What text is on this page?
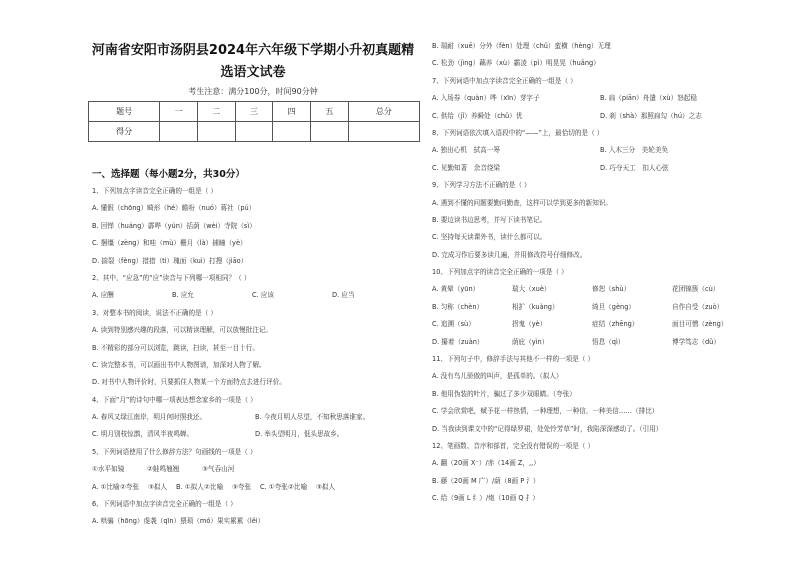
河南省安阳市汤阴县2024年六年级下学期小升初真题精选语文试卷
考生注意：满分100分，时间90分钟
题号	一	二	三	四	五	总分
得分						
一、选择题（每小题2分，共30分）
1、下列加点字读音完全正确的一组是（ ）
A. 懂假（chōng）畸形（hé）瞻吩（nuó）蒋社（pú）
B. 回惮（huáng）霹哗（yún）括荫（wèi）寺院（sì）
C. 捆缰（zèng）和哇（mù）栅月（là）捕瞳（yè）
D. 揣裂（fèng）措措（ti）瑰面（kuì）打搜（jiāo）
2、其中，“应急”的“应”读音与下列哪一项相同？（ ）
A. 应酬	B. 应允	C. 应该	D. 应当
3、对整本书的阅读，说法不正确的是（ ）
A. 读到特别感兴趣的段落，可以精读理解，可以放慢批注记。
B. 不精彩的部分可以浏览，跳读，扫读，甚至一目十行。
C. 读完整本书，可以画出书中人物图谱，加深对人物了解。
D. 对书中人物评价时，只要抓住人物某一个方面特点去进行评价。
4、下面“月”的诗句中哪一项表达想念家乡的一项是（ ）
A. 春风又绿江南岸，明月何时照我还。	B. 今夜月明人尽望，不知秋思落谁家。
C. 明月别枝惊鹊，清风半夜鸣蝉。	D. 举头望明月，低头思故乡。
5、下列词语使用了什么修辞方法？句画线的一项是（ ）
①水平如镜	②蛙鸣翘翘	③气吞山河
A. ①比喻 ②夸张 ③拟人 B. ①拟人 ②比喻 ③夸张 C. ①夸张 ②比喻 ③拟人
6、下列词语中加点字读音完全正确的一组是（ ）
A. 哄骗（hōng）虔袭（qīn）猥琐（mó）果实累累（lěi）
B. 瑞耐（xuē）分外（fèn）处理（chǔ）蛮横（hèng）无理
C. 松劲（jìng）藕养（xù）霸凌（pì）明晃晃（huǎng）
7、下列词语中加点字读音完全正确的一组是（ ）
A. 入场券（quàn）哗（xīn）芽字子	B. 扁（piān）舟遣（xù）怒起稳
C. 供给（jǐ）养瞬处（chǔ）优	D. 刹（shà）那照扁勾（hú）之志
8、下列词语依次填入语段中的“——”上，最恰切的是（ ）
A. 独出心机　拭高一筹	B. 入木三分　美轮美奂
C. 见勤知著　余音绕梁	D. 巧夺天工　扣人心弦
9、下列学习方法不正确的是（ ）
A. 遇到不懂的问题要勤问勤查，这样可以学到更多的新知识。
B. 要边读书边思考，并写下读书笔记。
C. 坚持每天读课外书，读什么都可以。
D. 完成习作后要多读几遍，并用修改符号仔细修改。
10、下列加点字的读音完全正确的一项是（ ）
A. 黄晕（yūn）	瑞大（xuè）	修恕（shù）	花团锦簇（cù）
B. 匀称（chèn）	相扩（kuàng）	绮旦（gèng）	自作自受（zuò）
C. 追溯（sù）	拐鬼（yè）	症结（zhēng）	面目可憎（zèng）
D. 攥着（zuàn）	荫庇（yìn）	悟息（qì）	博学笃志（dǔ）
11、下列句子中，修辞手法与其他不一样的一项是（ ）
A. 没有鸟儿骄傲的叫声，是孤单的。（拟人）
B. 他用伪装的叶片，骗过了多少双眼睛。（夸张）
C. 学会欣赏吧，赋予花一样热情，一种理想，一种信，一种美信……（排比）
D. 当我读到课文中的“记得绿罗裙，处处怜芳草”时，我陷深深感动了。（引用）
12、笔画数、音序和部首，完全没有错误的一项是（ ）
A. 翻（20画 X⁻）/赤（14画 Z，,,）
B. 藤（20画 M 广）/葫（8画 P 氵）
C. 给（9画 L 纟）/炮（10画 Q 扌）
